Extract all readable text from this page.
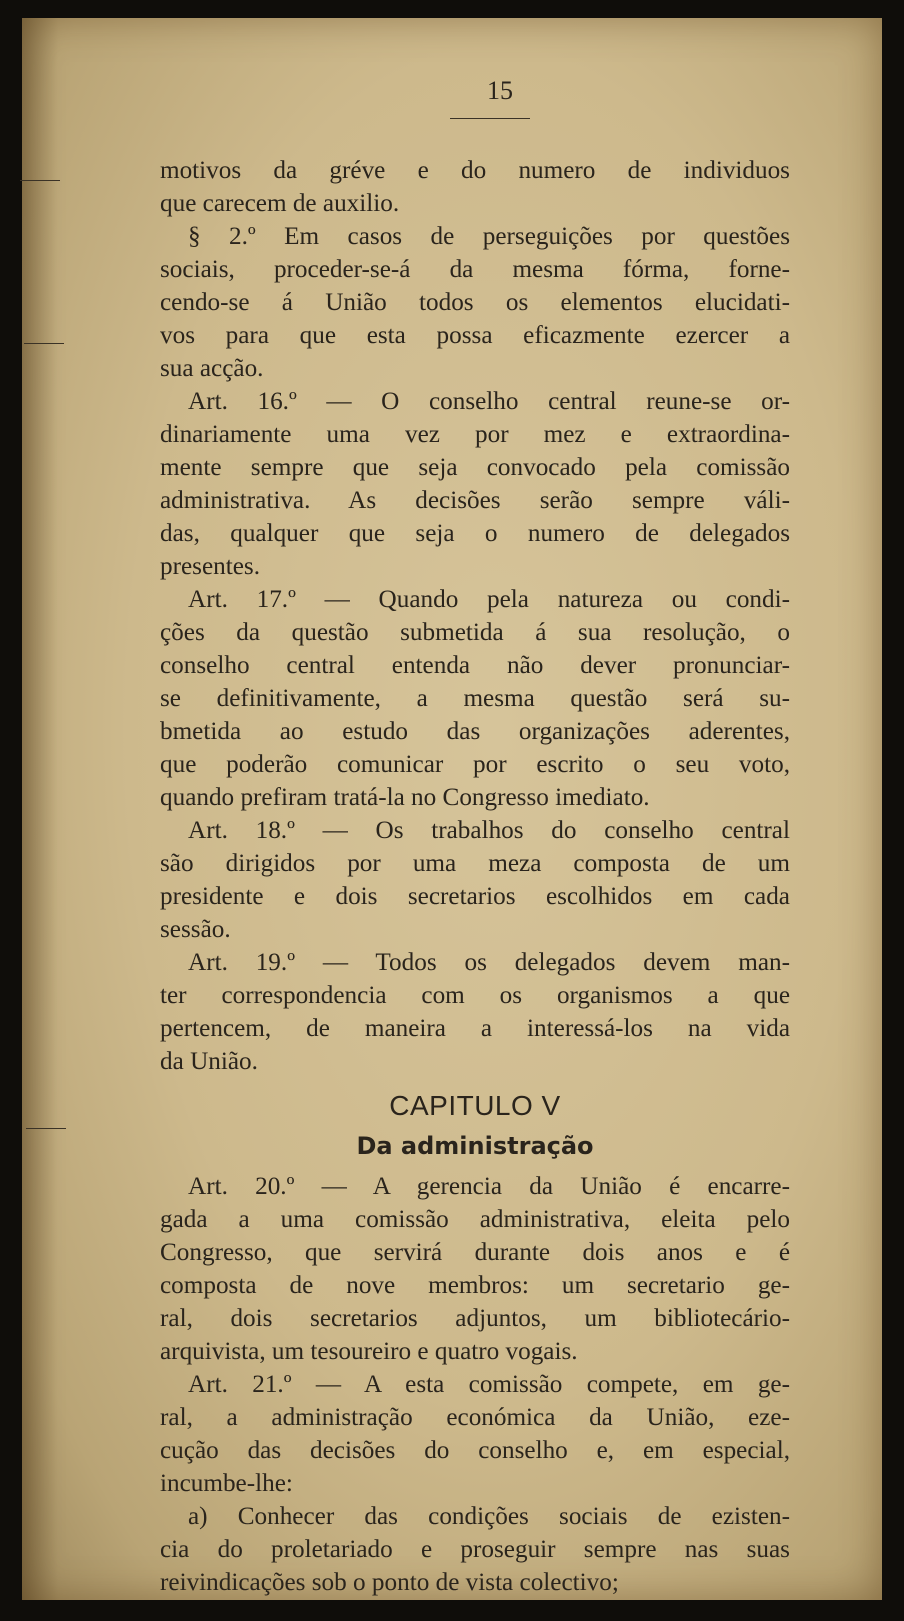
15
motivos da gréve e do numero de individuos
que carecem de auxilio.
§ 2.º Em casos de perseguições por questões
sociais, proceder-se-á da mesma fórma, forne-
cendo-se á União todos os elementos elucidati-
vos para que esta possa eficazmente ezercer a
sua acção.
Art. 16.º — O conselho central reune-se or-
dinariamente uma vez por mez e extraordina-
mente sempre que seja convocado pela comissão
administrativa. As decisões serão sempre váli-
das, qualquer que seja o numero de delegados
presentes.
Art. 17.º — Quando pela natureza ou condi-
ções da questão submetida á sua resolução, o
conselho central entenda não dever pronunciar-
se definitivamente, a mesma questão será su-
bmetida ao estudo das organizações aderentes,
que poderão comunicar por escrito o seu voto,
quando prefiram tratá-la no Congresso imediato.
Art. 18.º — Os trabalhos do conselho central
são dirigidos por uma meza composta de um
presidente e dois secretarios escolhidos em cada
sessão.
Art. 19.º — Todos os delegados devem man-
ter correspondencia com os organismos a que
pertencem, de maneira a interessá-los na vida
da União.
CAPITULO V
Da administração
Art. 20.º — A gerencia da União é encarre-
gada a uma comissão administrativa, eleita pelo
Congresso, que servirá durante dois anos e é
composta de nove membros: um secretario ge-
ral, dois secretarios adjuntos, um bibliotecário-
arquivista, um tesoureiro e quatro vogais.
Art. 21.º — A esta comissão compete, em ge-
ral, a administração económica da União, eze-
cução das decisões do conselho e, em especial,
incumbe-lhe:
a) Conhecer das condições sociais de ezisten-
cia do proletariado e proseguir sempre nas suas
reivindicações sob o ponto de vista colectivo;
